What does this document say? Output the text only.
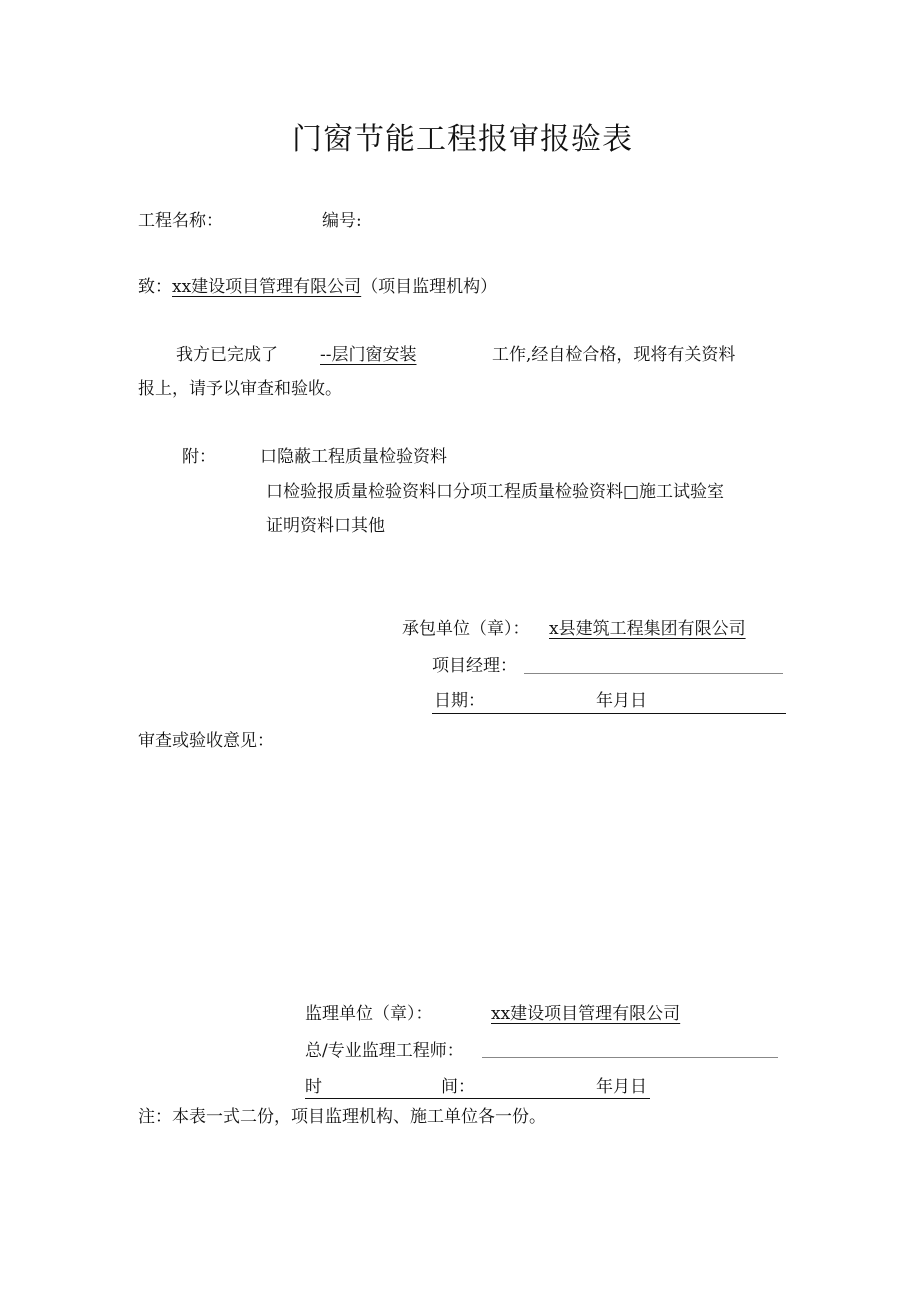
门窗节能工程报审报验表
工程名称：	编号:
致：xx建设项目管理有限公司（项目监理机构）
我方已完成了 --层门窗安装	工作,经自检合格，现将有关资料
报上，请予以审查和验收。
附：	口隐蔽工程质量检验资料
口检验报质量检验资料口分项工程质量检验资料□施工试验室
证明资料口其他
承包单位（章）： x县建筑工程集团有限公司
项目经理：
日期：	年月日
审查或验收意见：
监理单位（章）：	xx建设项目管理有限公司
总/专业监理工程师：
时	间：	年月日
注：本表一式二份，项目监理机构、施工单位各一份。
